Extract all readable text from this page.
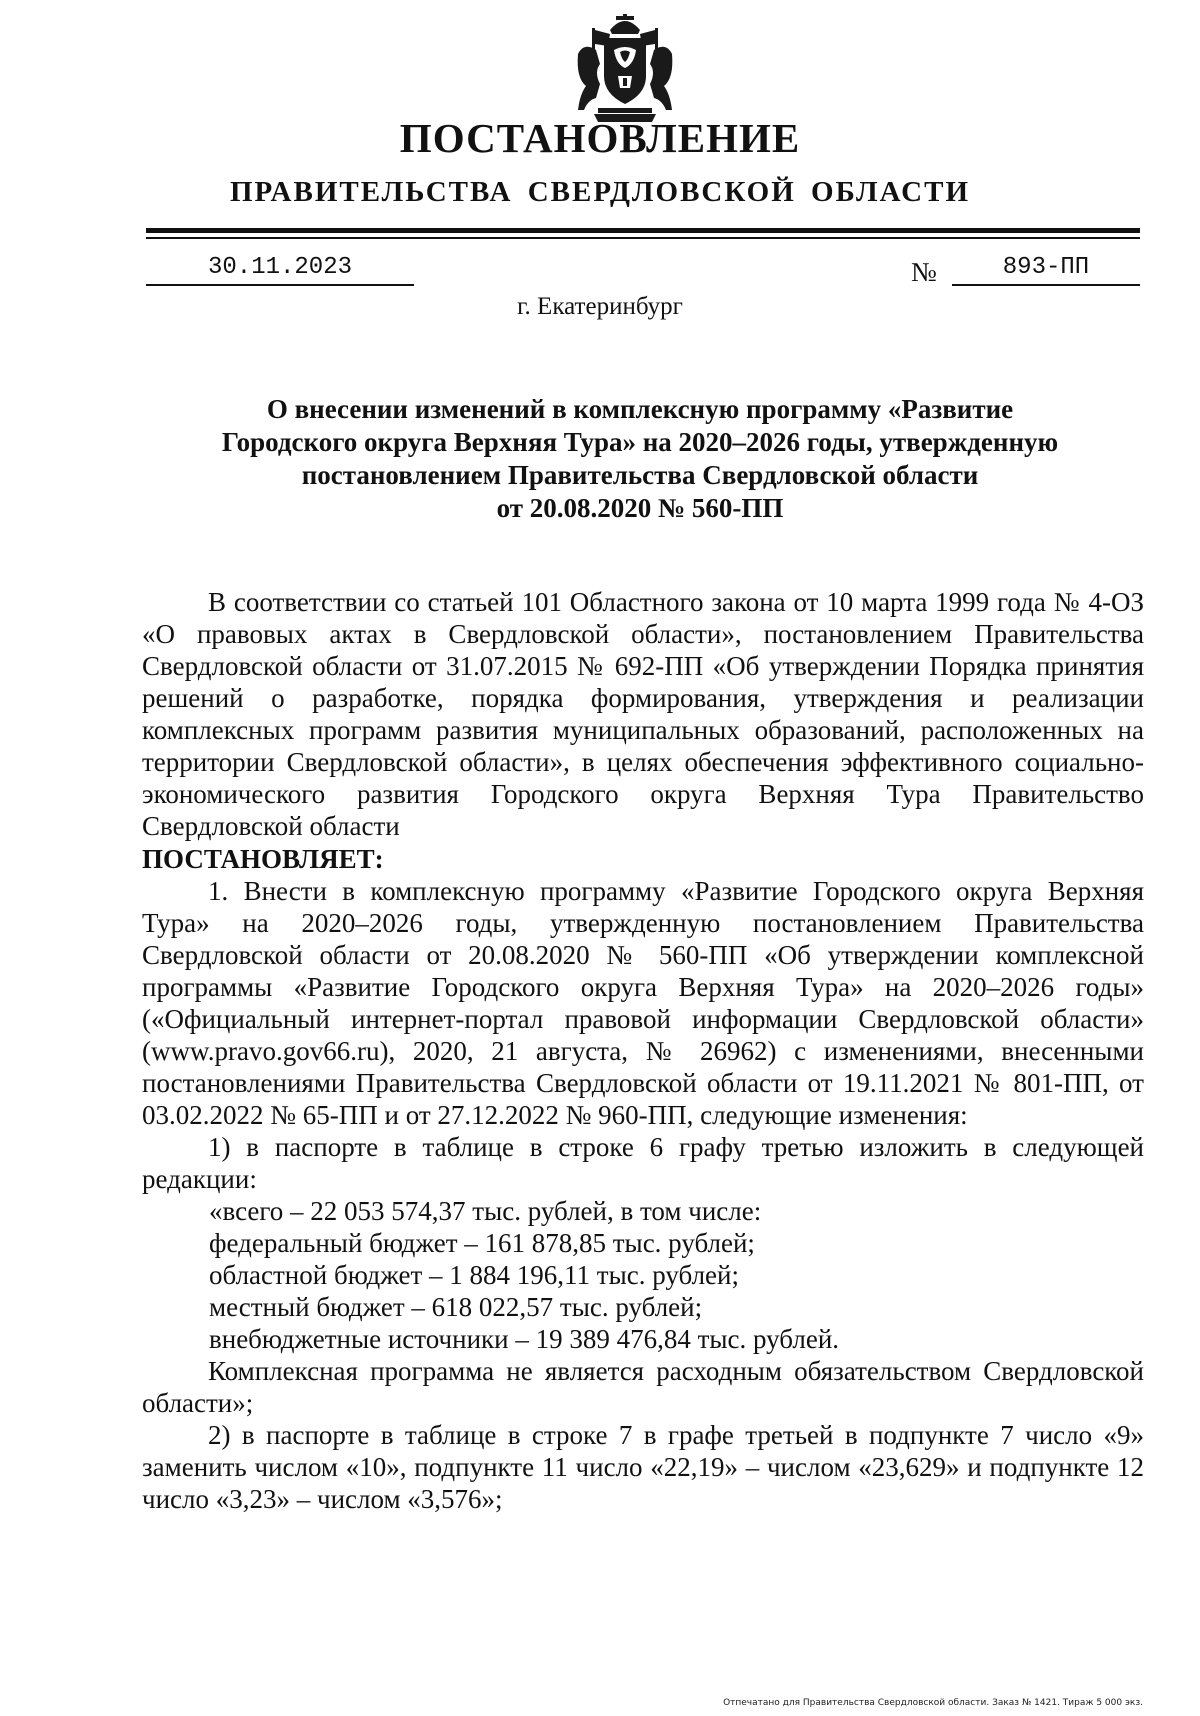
ПОСТАНОВЛЕНИЕ
ПРАВИТЕЛЬСТВА СВЕРДЛОВСКОЙ ОБЛАСТИ
30.11.2023	№	893-ПП
г. Екатеринбург
О внесении изменений в комплексную программу «Развитие
Городского округа Верхняя Тура» на 2020–2026 годы, утвержденную
постановлением Правительства Свердловской области
от 20.08.2020 № 560-ПП
В соответствии со статьей 101 Областного закона от 10 марта 1999 года № 4-ОЗ «О правовых актах в Свердловской области», постановлением Правительства Свердловской области от 31.07.2015 № 692-ПП «Об утверждении Порядка принятия решений о разработке, порядка формирования, утверждения и реализации комплексных программ развития муниципальных образований, расположенных на территории Свердловской области», в целях обеспечения эффективного социально-экономического развития Городского округа Верхняя Тура Правительство Свердловской области
ПОСТАНОВЛЯЕТ:
1. Внести в комплексную программу «Развитие Городского округа Верхняя Тура» на 2020–2026 годы, утвержденную постановлением Правительства Свердловской области от 20.08.2020 № 560-ПП «Об утверждении комплексной программы «Развитие Городского округа Верхняя Тура» на 2020–2026 годы» («Официальный интернет-портал правовой информации Свердловской области» (www.pravo.gov66.ru), 2020, 21 августа, № 26962) с изменениями, внесенными постановлениями Правительства Свердловской области от 19.11.2021 № 801-ПП, от 03.02.2022 № 65-ПП и от 27.12.2022 № 960-ПП, следующие изменения:
1) в паспорте в таблице в строке 6 графу третью изложить в следующей редакции:
«всего – 22 053 574,37 тыс. рублей, в том числе:
федеральный бюджет – 161 878,85 тыс. рублей;
областной бюджет – 1 884 196,11 тыс. рублей;
местный бюджет – 618 022,57 тыс. рублей;
внебюджетные источники – 19 389 476,84 тыс. рублей.
Комплексная программа не является расходным обязательством Свердловской области»;
2) в паспорте в таблице в строке 7 в графе третьей в подпункте 7 число «9» заменить числом «10», подпункте 11 число «22,19» – числом «23,629» и подпункте 12 число «3,23» – числом «3,576»;
Отпечатано для Правительства Свердловской области. Заказ № 1421. Тираж 5 000 экз.
